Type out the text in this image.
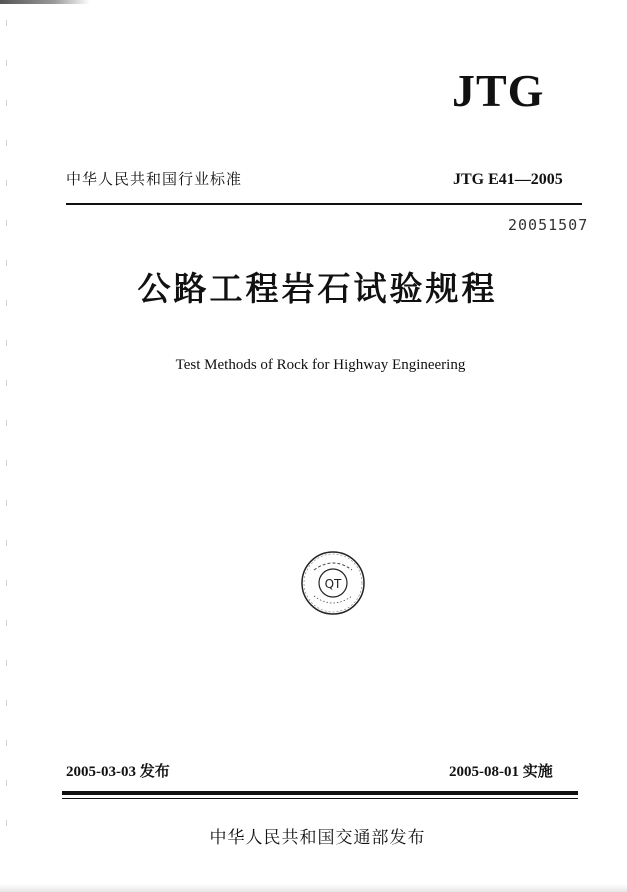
JTG
中华人民共和国行业标准	JTG E41—2005
20051507
公路工程岩石试验规程
Test Methods of Rock for Highway Engineering
QT
2005-03-03 发布	2005-08-01 实施
中华人民共和国交通部发布
